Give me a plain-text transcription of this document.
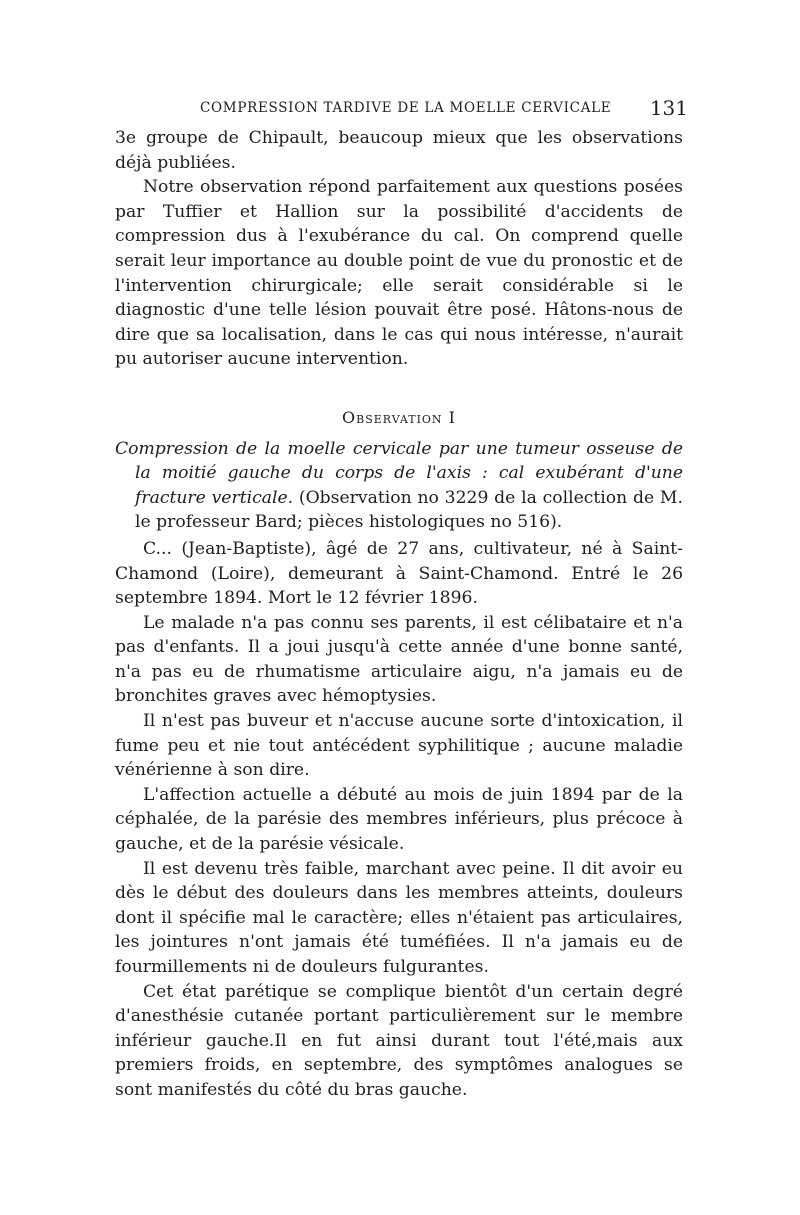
COMPRESSION TARDIVE DE LA MOELLE CERVICALE 131

3e groupe de Chipault, beaucoup mieux que les observations déjà publiées.

Notre observation répond parfaitement aux questions posées par Tuffier et Hallion sur la possibilité d'accidents de compression dus à l'exubérance du cal. On comprend quelle serait leur importance au double point de vue du pronostic et de l'intervention chirurgicale; elle serait considérable si le diagnostic d'une telle lésion pouvait être posé. Hâtons-nous de dire que sa localisation, dans le cas qui nous intéresse, n'aurait pu autoriser aucune intervention.

Observation I

Compression de la moelle cervicale par une tumeur osseuse de la moitié gauche du corps de l'axis : cal exubérant d'une fracture verticale. (Observation no 3229 de la collection de M. le professeur Bard; pièces histologiques no 516).

C... (Jean-Baptiste), âgé de 27 ans, cultivateur, né à Saint-Chamond (Loire), demeurant à Saint-Chamond. Entré le 26 septembre 1894. Mort le 12 février 1896.

Le malade n'a pas connu ses parents, il est célibataire et n'a pas d'enfants. Il a joui jusqu'à cette année d'une bonne santé, n'a pas eu de rhumatisme articulaire aigu, n'a jamais eu de bronchites graves avec hémoptysies.

Il n'est pas buveur et n'accuse aucune sorte d'intoxication, il fume peu et nie tout antécédent syphilitique ; aucune maladie vénérienne à son dire.

L'affection actuelle a débuté au mois de juin 1894 par de la céphalée, de la parésie des membres inférieurs, plus précoce à gauche, et de la parésie vésicale.

Il est devenu très faible, marchant avec peine. Il dit avoir eu dès le début des douleurs dans les membres atteints, douleurs dont il spécifie mal le caractère; elles n'étaient pas articulaires, les jointures n'ont jamais été tuméfiées. Il n'a jamais eu de fourmillements ni de douleurs fulgurantes.

Cet état parétique se complique bientôt d'un certain degré d'anesthésie cutanée portant particulièrement sur le membre inférieur gauche.Il en fut ainsi durant tout l'été,mais aux premiers froids, en septembre, des symptômes analogues se sont manifestés du côté du bras gauche.
